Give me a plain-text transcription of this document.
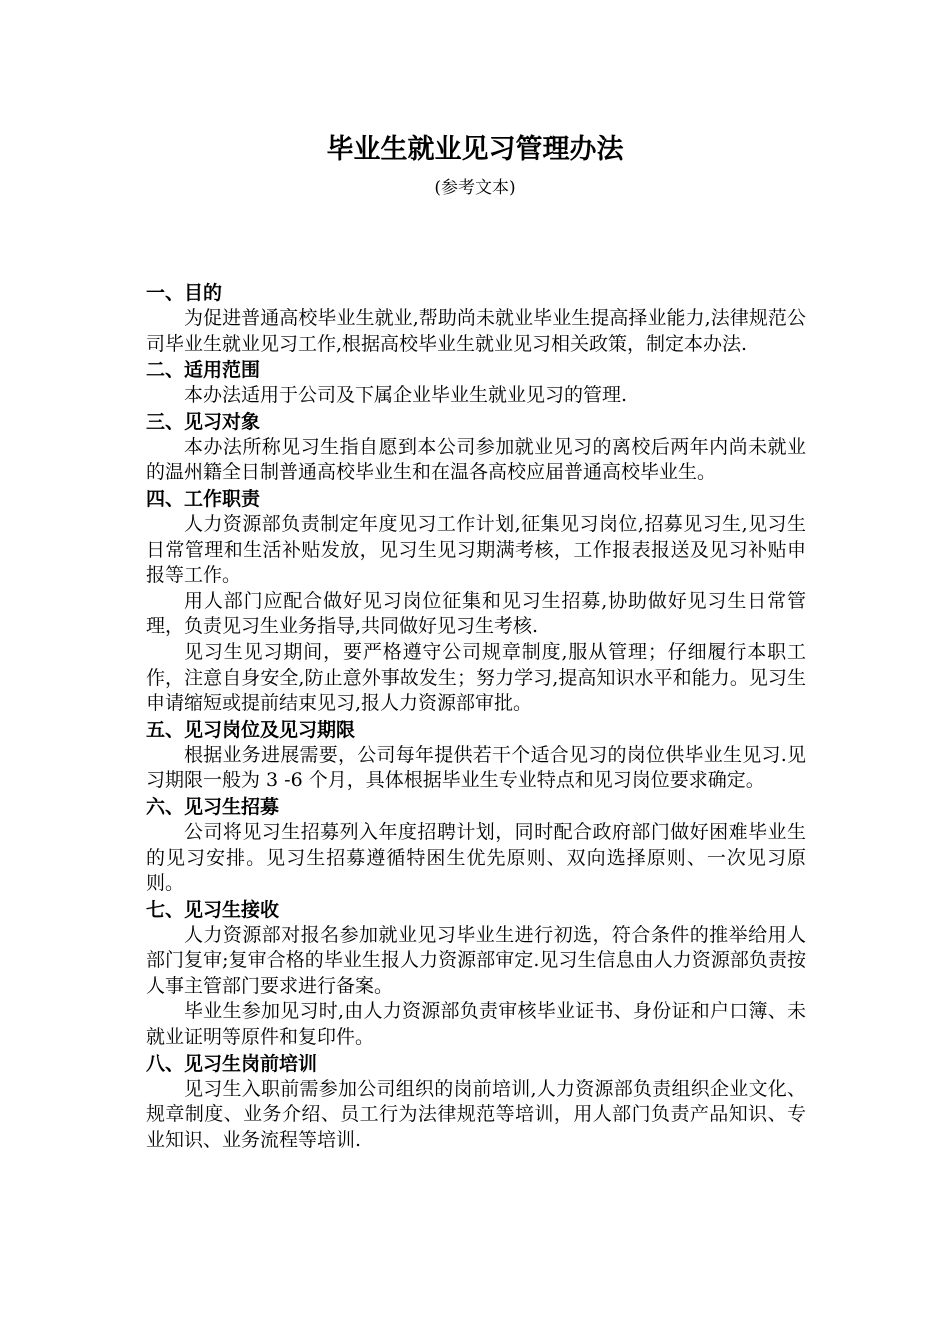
毕业生就业见习管理办法
(参考文本)
一、目的

为促进普通高校毕业生就业,帮助尚未就业毕业生提高择业能力,法律规范公司毕业生就业见习工作,根据高校毕业生就业见习相关政策，制定本办法.

二、适用范围

本办法适用于公司及下属企业毕业生就业见习的管理.

三、见习对象

本办法所称见习生指自愿到本公司参加就业见习的离校后两年内尚未就业的温州籍全日制普通高校毕业生和在温各高校应届普通高校毕业生。

四、工作职责

人力资源部负责制定年度见习工作计划,征集见习岗位,招募见习生,见习生日常管理和生活补贴发放，见习生见习期满考核，工作报表报送及见习补贴申报等工作。

用人部门应配合做好见习岗位征集和见习生招募,协助做好见习生日常管理，负责见习生业务指导,共同做好见习生考核.

见习生见习期间，要严格遵守公司规章制度,服从管理；仔细履行本职工作，注意自身安全,防止意外事故发生；努力学习,提高知识水平和能力。见习生申请缩短或提前结束见习,报人力资源部审批。

五、见习岗位及见习期限

根据业务进展需要，公司每年提供若干个适合见习的岗位供毕业生见习.见习期限一般为 3 -6 个月，具体根据毕业生专业特点和见习岗位要求确定。

六、见习生招募

公司将见习生招募列入年度招聘计划，同时配合政府部门做好困难毕业生的见习安排。见习生招募遵循特困生优先原则、双向选择原则、一次见习原则。

七、见习生接收

人力资源部对报名参加就业见习毕业生进行初选，符合条件的推举给用人部门复审;复审合格的毕业生报人力资源部审定.见习生信息由人力资源部负责按人事主管部门要求进行备案。

毕业生参加见习时,由人力资源部负责审核毕业证书、身份证和户口簿、未就业证明等原件和复印件。

八、见习生岗前培训

见习生入职前需参加公司组织的岗前培训,人力资源部负责组织企业文化、规章制度、业务介绍、员工行为法律规范等培训，用人部门负责产品知识、专业知识、业务流程等培训.
